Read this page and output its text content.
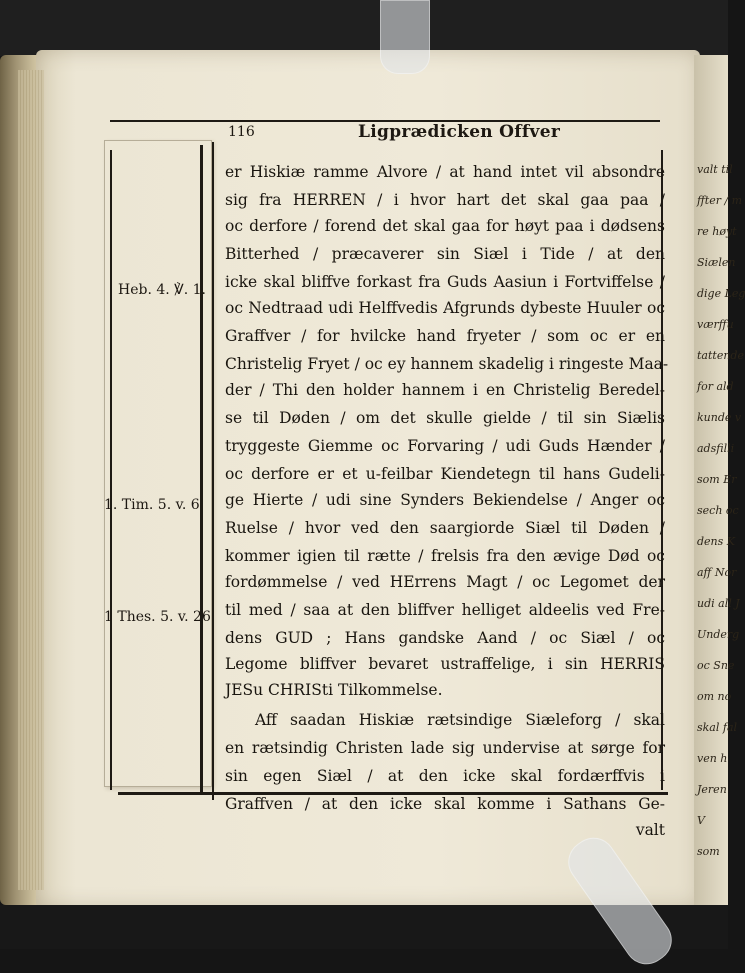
valt til
ffter / m
re høyt
Siælen
dige Leg
værffu
tattende
for ald
kunde v
adsfilli
som Er
sech oc
dens K
aff Nor
udi all J
Underg
oc Sne
om no
skal fal
ven h
Jeren
V
som
116	Ligprædicken Offver
Heb. 4. ℣. 1.
1. Tim. 5. v. 6
1 Thes. 5. v. 26
er Hiskiæ ramme Alvore / at hand intet vil absondre
sig fra HERREN / i hvor hart det skal gaa paa /
oc derfore / forend det skal gaa for høyt paa i dødsens
Bitterhed / præcaverer sin Siæl i Tide / at den
icke skal bliffve forkast fra Guds Aasiun i Fortviffelse /
oc Nedtraad udi Helffvedis Afgrunds dybeste Huuler oc
Graffver / for hvilcke hand fryeter / som oc er en
Christelig Fryet / oc ey hannem skadelig i ringeste Maa-
der / Thi den holder hannem i en Christelig Beredel-
se til Døden / om det skulle gielde / til sin Siælis
tryggeste Giemme oc Forvaring / udi Guds Hænder /
oc derfore er et u-feilbar Kiendetegn til hans Gudeli-
ge Hierte / udi sine Synders Bekiendelse / Anger oc
Ruelse / hvor ved den saargiorde Siæl til Døden /
kommer igien til rætte / frelsis fra den ævige Død oc
fordømmelse / ved HErrens Magt / oc Legomet der
til med / saa at den bliffver helliget aldeelis ved Fre-
dens GUD ; Hans gandske Aand / oc Siæl / oc
Legome bliffver bevaret ustraffelige, i sin HERRIS
JESu CHRISti Tilkommelse.
Aff saadan Hiskiæ rætsindige Siæleforg / skal
en rætsindig Christen lade sig undervise at sørge for
sin egen Siæl / at den icke skal fordærffvis i
Graffven / at den icke skal komme i Sathans Ge-
valt
